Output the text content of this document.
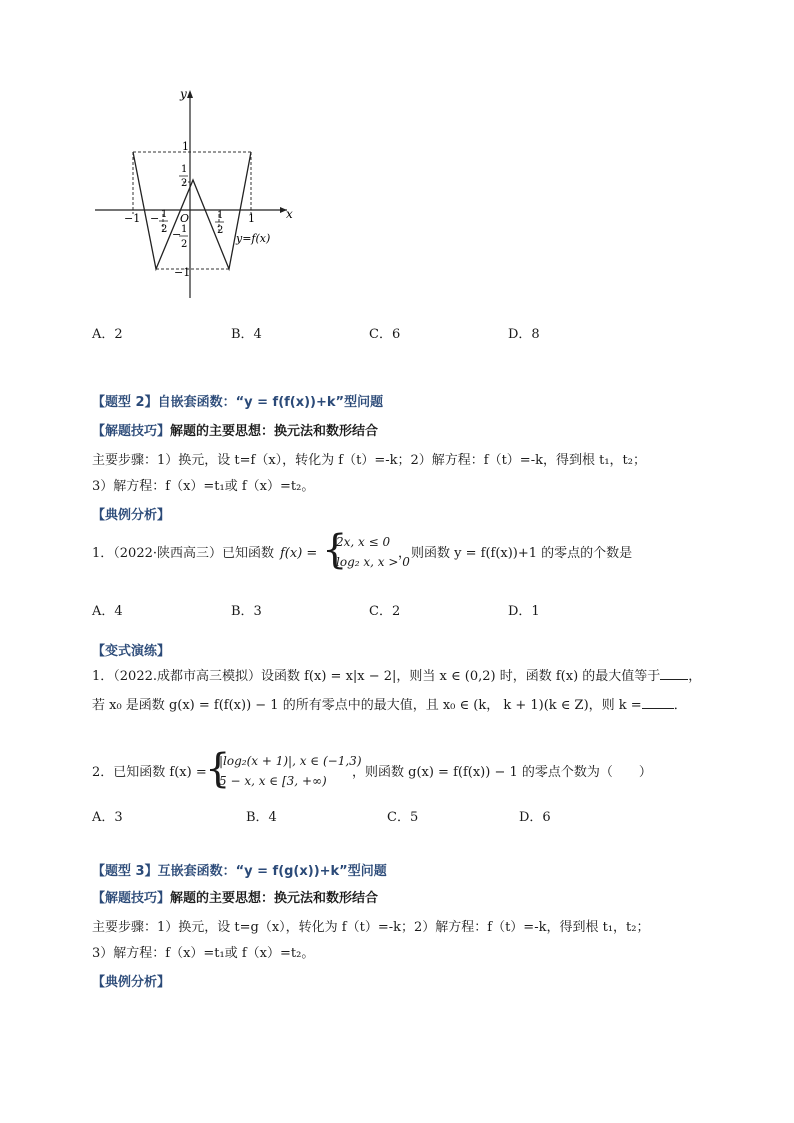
y
x
1
1
2
O
−1	1
− 1
2 − 1
2
1
2
−1
y=f(x)
A．2	B．4	C．6	D．8
【题型 2】自嵌套函数：“y = f(f(x))+k”型问题
【解题技巧】解题的主要思想：换元法和数形结合
主要步骤：1）换元，设 t=f（x），转化为 f（t）=-k；2）解方程：f（t）=-k，得到根 t₁，t₂；
3）解方程：f（x）=t₁或 f（x）=t₂。
【典例分析】
1．（2022·陕西高三）已知函数 f(x) = {
2x, x ≤ 0
log₂ x, x > 0
，则函数 y = f(f(x))+1 的零点的个数是
A．4	B．3	C．2	D．1
【变式演练】
1．（2022.成都市高三模拟）设函数 f(x) = x|x − 2|，则当 x ∈ (0,2) 时，函数 f(x) 的最大值等于 ，
若 x₀ 是函数 g(x) = f(f(x)) − 1 的所有零点中的最大值，且 x₀ ∈ (k， k + 1)(k ∈ Z)，则 k = ．
2．已知函数 f(x) =
{
|log₂(x + 1)|, x ∈ (−1,3)
5 − x, x ∈ [3, +∞)
，则函数 g(x) = f(f(x)) − 1 的零点个数为（　　）
A．3	B．4	C．5	D．6
【题型 3】互嵌套函数：“y = f(g(x))+k”型问题
【解题技巧】解题的主要思想：换元法和数形结合
主要步骤：1）换元，设 t=g（x），转化为 f（t）=-k；2）解方程：f（t）=-k，得到根 t₁，t₂；
3）解方程：f（x）=t₁或 f（x）=t₂。
【典例分析】
